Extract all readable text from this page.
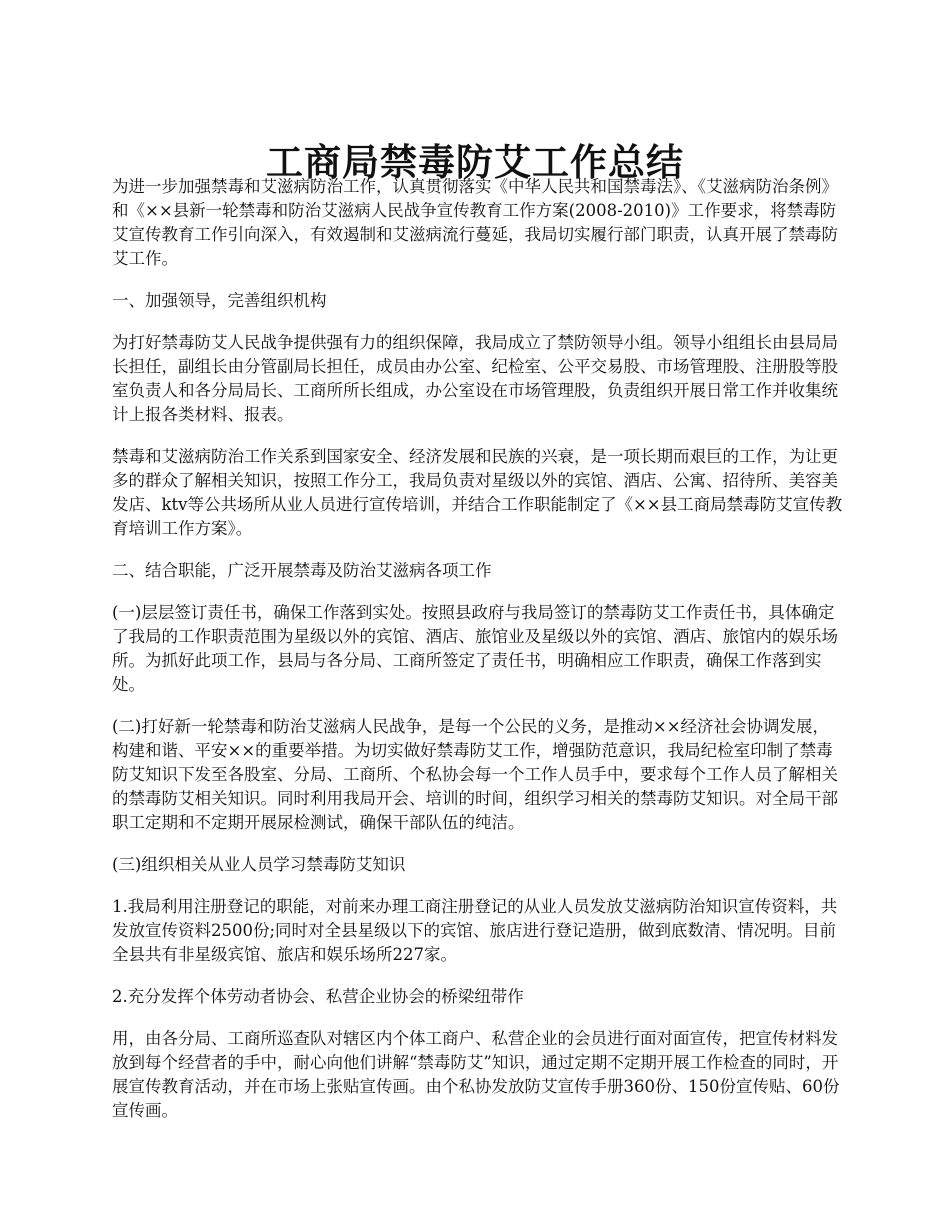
工商局禁毒防艾工作总结

为进一步加强禁毒和艾滋病防治工作，认真贯彻落实《中华人民共和国禁毒法》、《艾滋病防治条例》和《××县新一轮禁毒和防治艾滋病人民战争宣传教育工作方案(2008-2010)》工作要求，将禁毒防艾宣传教育工作引向深入，有效遏制和艾滋病流行蔓延，我局切实履行部门职责，认真开展了禁毒防艾工作。

一、加强领导，完善组织机构

为打好禁毒防艾人民战争提供强有力的组织保障，我局成立了禁防领导小组。领导小组组长由县局局长担任，副组长由分管副局长担任，成员由办公室、纪检室、公平交易股、市场管理股、注册股等股室负责人和各分局局长、工商所所长组成，办公室设在市场管理股，负责组织开展日常工作并收集统计上报各类材料、报表。

禁毒和艾滋病防治工作关系到国家安全、经济发展和民族的兴衰，是一项长期而艰巨的工作，为让更多的群众了解相关知识，按照工作分工，我局负责对星级以外的宾馆、酒店、公寓、招待所、美容美发店、ktv等公共场所从业人员进行宣传培训，并结合工作职能制定了《××县工商局禁毒防艾宣传教育培训工作方案》。

二、结合职能，广泛开展禁毒及防治艾滋病各项工作

(一)层层签订责任书，确保工作落到实处。按照县政府与我局签订的禁毒防艾工作责任书，具体确定了我局的工作职责范围为星级以外的宾馆、酒店、旅馆业及星级以外的宾馆、酒店、旅馆内的娱乐场所。为抓好此项工作，县局与各分局、工商所签定了责任书，明确相应工作职责，确保工作落到实处。

(二)打好新一轮禁毒和防治艾滋病人民战争，是每一个公民的义务，是推动××经济社会协调发展，构建和谐、平安××的重要举措。为切实做好禁毒防艾工作，增强防范意识，我局纪检室印制了禁毒防艾知识下发至各股室、分局、工商所、个私协会每一个工作人员手中，要求每个工作人员了解相关的禁毒防艾相关知识。同时利用我局开会、培训的时间，组织学习相关的禁毒防艾知识。对全局干部职工定期和不定期开展尿检测试，确保干部队伍的纯洁。

(三)组织相关从业人员学习禁毒防艾知识

1.我局利用注册登记的职能，对前来办理工商注册登记的从业人员发放艾滋病防治知识宣传资料，共发放宣传资料2500份;同时对全县星级以下的宾馆、旅店进行登记造册，做到底数清、情况明。目前全县共有非星级宾馆、旅店和娱乐场所227家。

2.充分发挥个体劳动者协会、私营企业协会的桥梁纽带作

用，由各分局、工商所巡查队对辖区内个体工商户、私营企业的会员进行面对面宣传，把宣传材料发放到每个经营者的手中，耐心向他们讲解“禁毒防艾”知识，通过定期不定期开展工作检查的同时，开展宣传教育活动，并在市场上张贴宣传画。由个私协发放防艾宣传手册360份、150份宣传贴、60份宣传画。
